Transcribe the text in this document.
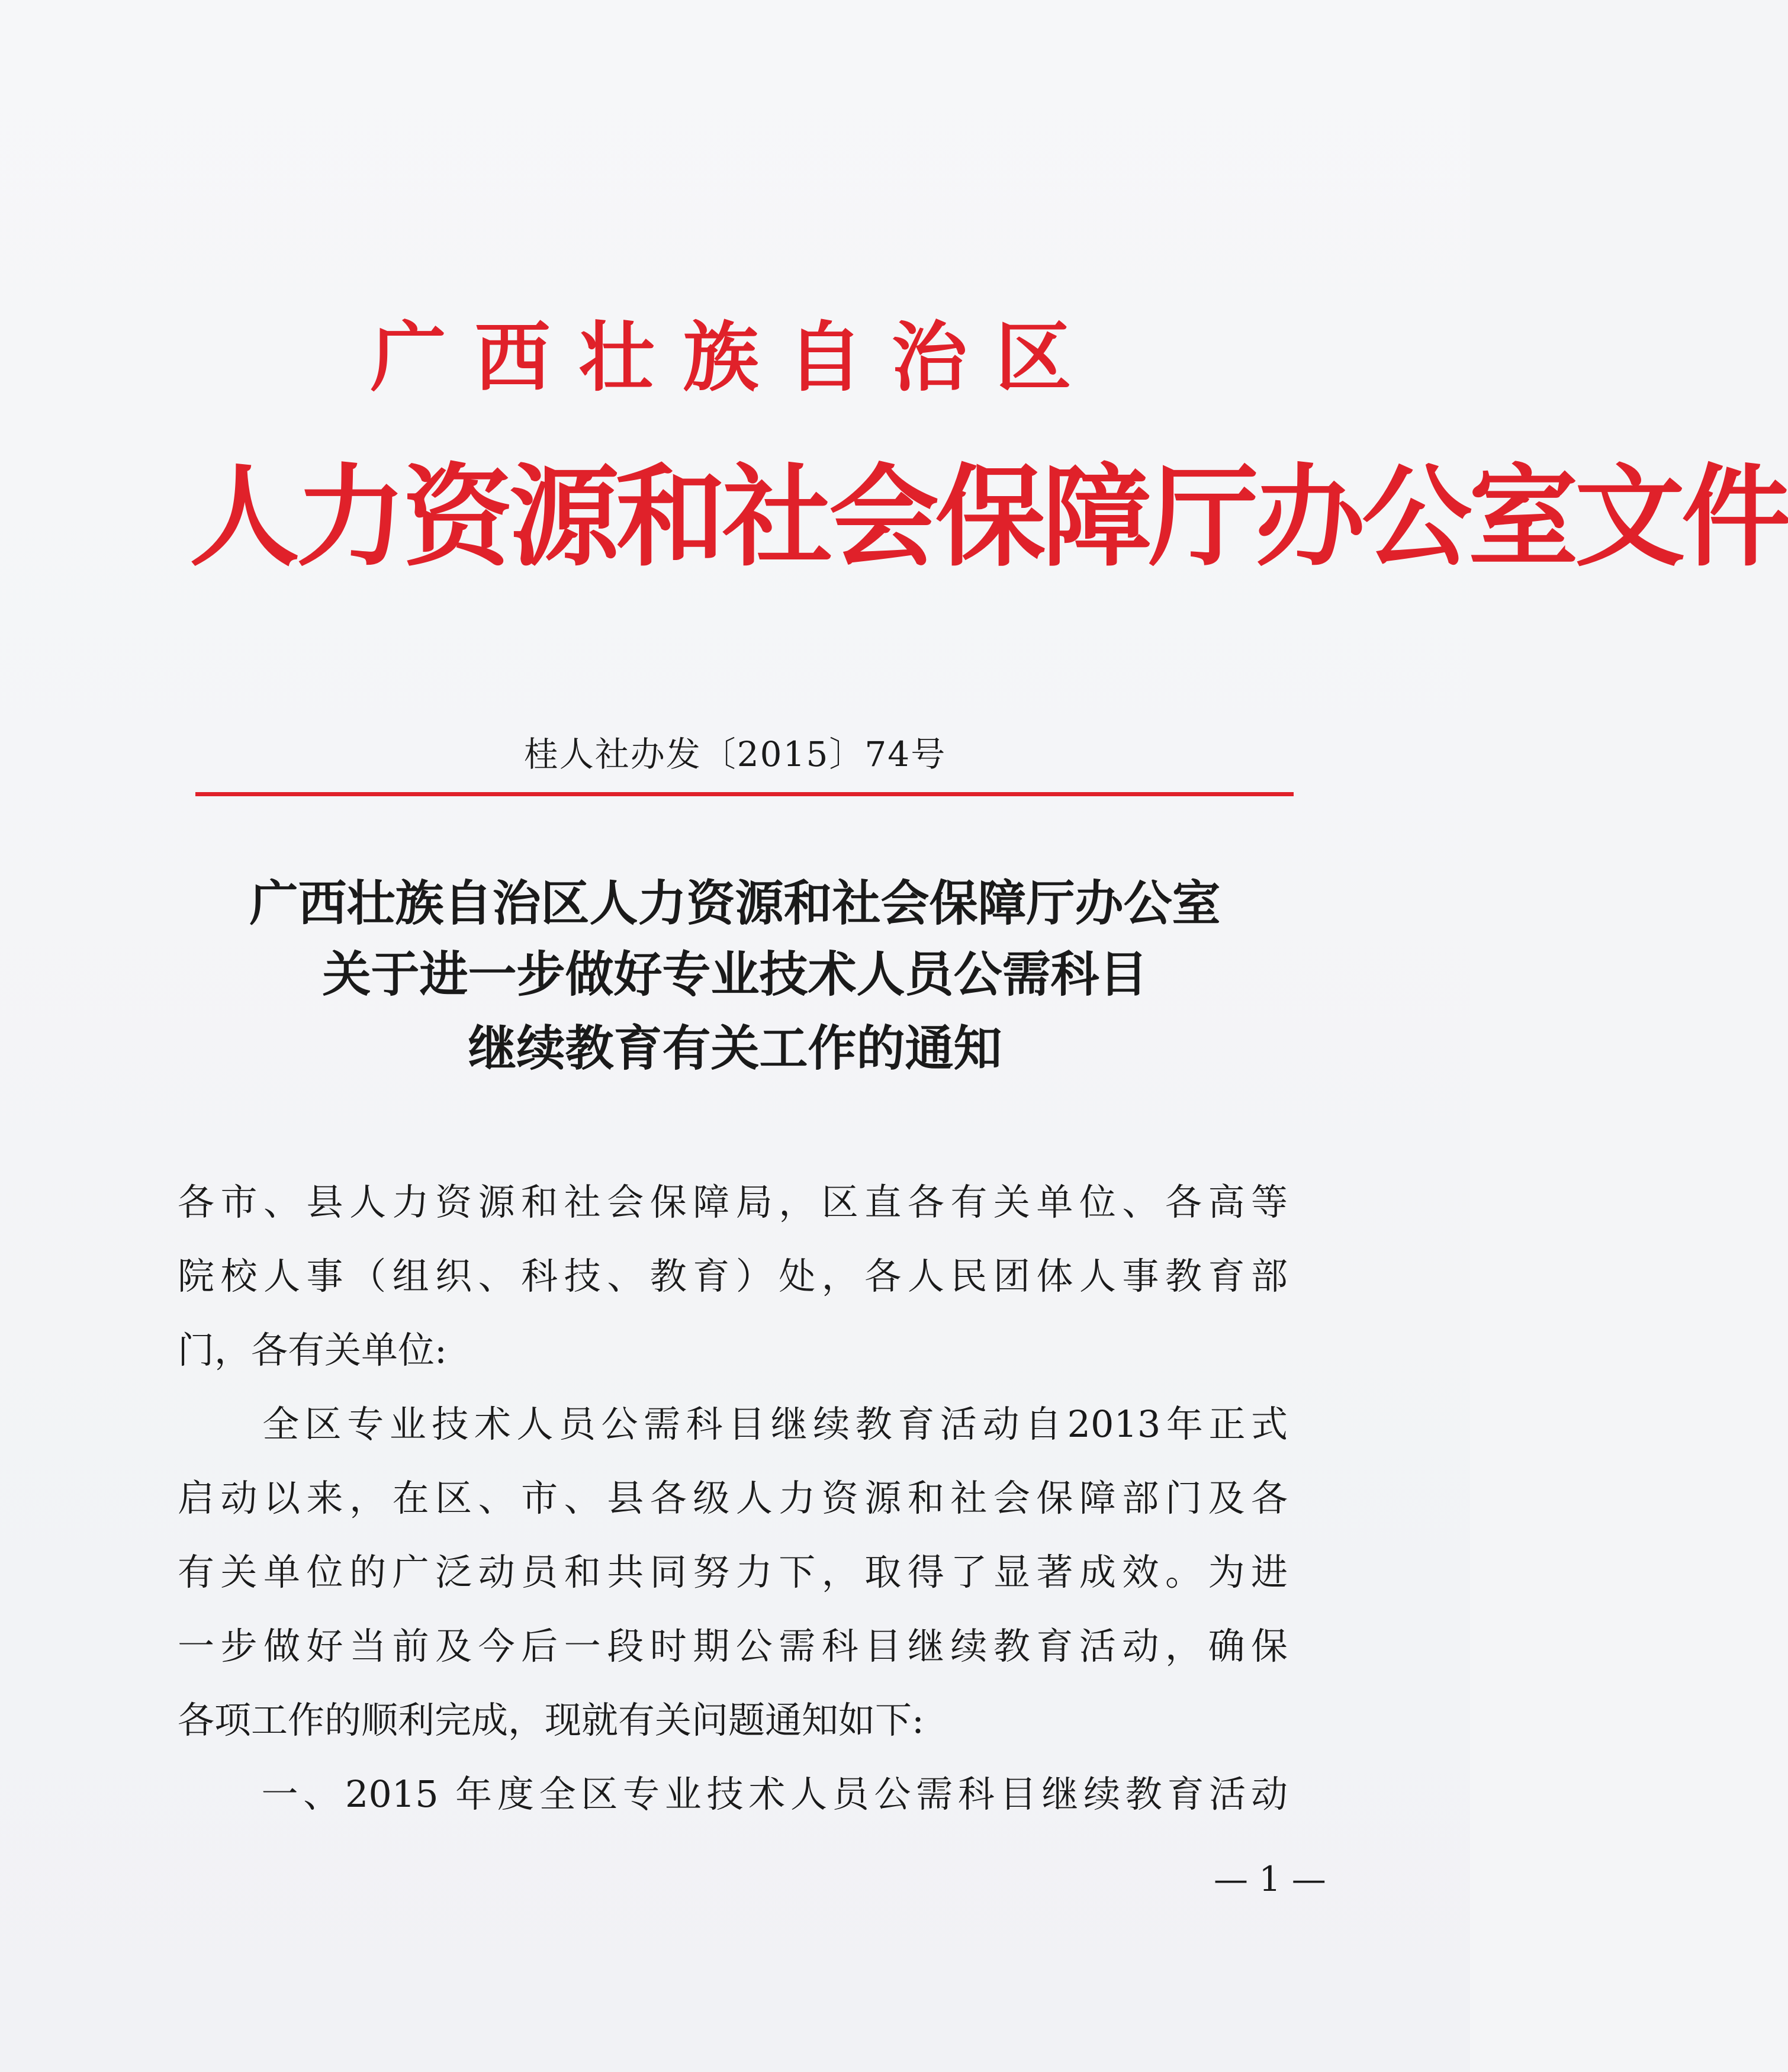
广西壮族自治区
人力资源和社会保障厅办公室文件
桂人社办发〔2015〕74号
广西壮族自治区人力资源和社会保障厅办公室
关于进一步做好专业技术人员公需科目
继续教育有关工作的通知
各市、县人力资源和社会保障局，区直各有关单位、各高等
院校人事（组织、科技、教育）处，各人民团体人事教育部
门，各有关单位:
　　全区专业技术人员公需科目继续教育活动自2013年正式
启动以来，在区、市、县各级人力资源和社会保障部门及各
有关单位的广泛动员和共同努力下，取得了显著成效。为进
一步做好当前及今后一段时期公需科目继续教育活动，确保
各项工作的顺利完成，现就有关问题通知如下:
　　一、2015 年度全区专业技术人员公需科目继续教育活动
— 1 —
